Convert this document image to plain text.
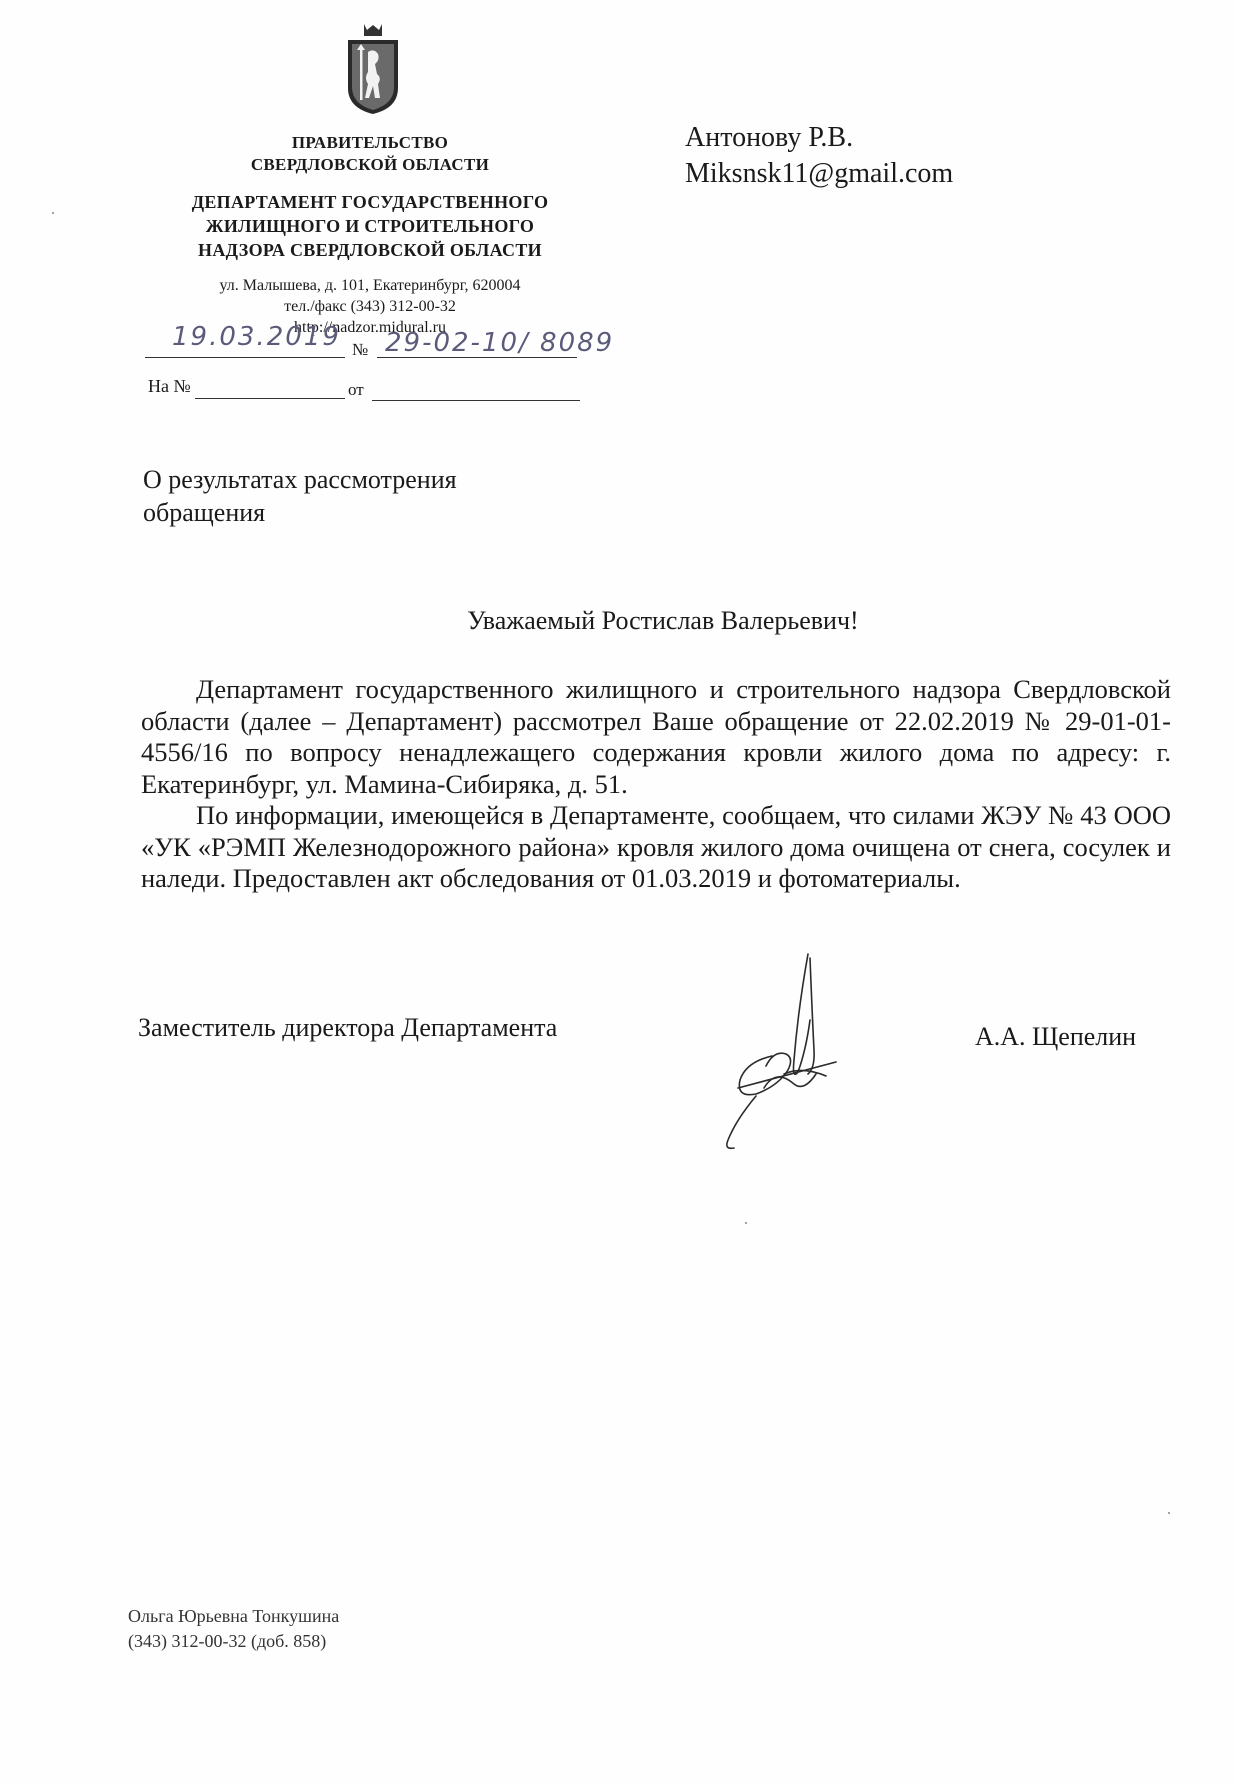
ПРАВИТЕЛЬСТВО
СВЕРДЛОВСКОЙ ОБЛАСТИ
ДЕПАРТАМЕНТ ГОСУДАРСТВЕННОГО
ЖИЛИЩНОГО И СТРОИТЕЛЬНОГО
НАДЗОРА СВЕРДЛОВСКОЙ ОБЛАСТИ
ул. Малышева, д. 101, Екатеринбург, 620004
тел./факс (343) 312-00-32
http://nadzor.midural.ru
19.03.2019 № 29-02-10/ 8089
На №	от
Антонову Р.В.
Miksnsk11@gmail.com
О результатах рассмотрения
обращения
Уважаемый Ростислав Валерьевич!

Департамент государственного жилищного и строительного надзора Свердловской области (далее – Департамент) рассмотрел Ваше обращение от 22.02.2019 № 29-01-01-4556/16 по вопросу ненадлежащего содержания кровли жилого дома по адресу: г. Екатеринбург, ул. Мамина-Сибиряка, д. 51.

По информации, имеющейся в Департаменте, сообщаем, что силами ЖЭУ № 43 ООО «УК «РЭМП Железнодорожного района» кровля жилого дома очищена от снега, сосулек и наледи. Предоставлен акт обследования от 01.03.2019 и фотоматериалы.

Заместитель директора Департамента	А.А. Щепелин
Ольга Юрьевна Тонкушина
(343) 312-00-32 (доб. 858)
